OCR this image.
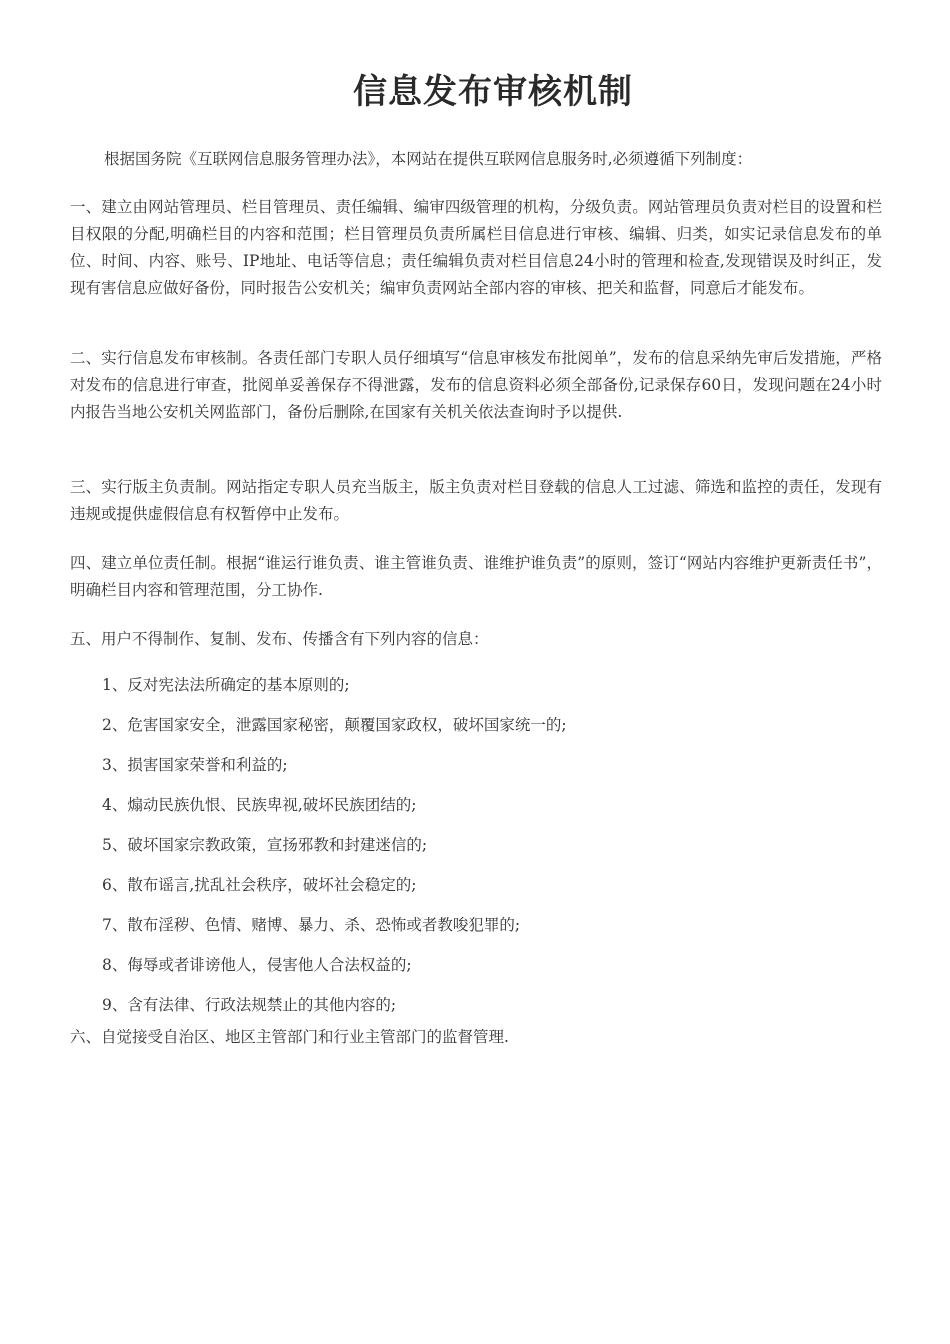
信息发布审核机制

根据国务院《互联网信息服务管理办法》，本网站在提供互联网信息服务时,必须遵循下列制度：

一、建立由网站管理员、栏目管理员、责任编辑、编审四级管理的机构，分级负责。网站管理员负责对栏目的设置和栏目权限的分配,明确栏目的内容和范围；栏目管理员负责所属栏目信息进行审核、编辑、归类，如实记录信息发布的单位、时间、内容、账号、IP地址、电话等信息；责任编辑负责对栏目信息24小时的管理和检查,发现错误及时纠正，发现有害信息应做好备份，同时报告公安机关；编审负责网站全部内容的审核、把关和监督，同意后才能发布。

二、实行信息发布审核制。各责任部门专职人员仔细填写“信息审核发布批阅单”，发布的信息采纳先审后发措施，严格对发布的信息进行审查，批阅单妥善保存不得泄露，发布的信息资料必须全部备份,记录保存60日，发现问题在24小时内报告当地公安机关网监部门，备份后删除,在国家有关机关依法查询时予以提供.

三、实行版主负责制。网站指定专职人员充当版主，版主负责对栏目登载的信息人工过滤、筛选和监控的责任，发现有违规或提供虚假信息有权暂停中止发布。

四、建立单位责任制。根据“谁运行谁负责、谁主管谁负责、谁维护谁负责”的原则，签订“网站内容维护更新责任书”，明确栏目内容和管理范围，分工协作.

五、用户不得制作、复制、发布、传播含有下列内容的信息：

1、反对宪法法所确定的基本原则的;
2、危害国家安全，泄露国家秘密，颠覆国家政权，破坏国家统一的;
3、损害国家荣誉和利益的;
4、煽动民族仇恨、民族卑视,破坏民族团结的;
5、破坏国家宗教政策，宣扬邪教和封建迷信的;
6、散布谣言,扰乱社会秩序，破坏社会稳定的;
7、散布淫秽、色情、赌博、暴力、杀、恐怖或者教唆犯罪的;
8、侮辱或者诽谤他人，侵害他人合法权益的;
9、含有法律、行政法规禁止的其他内容的;

六、自觉接受自治区、地区主管部门和行业主管部门的监督管理.
